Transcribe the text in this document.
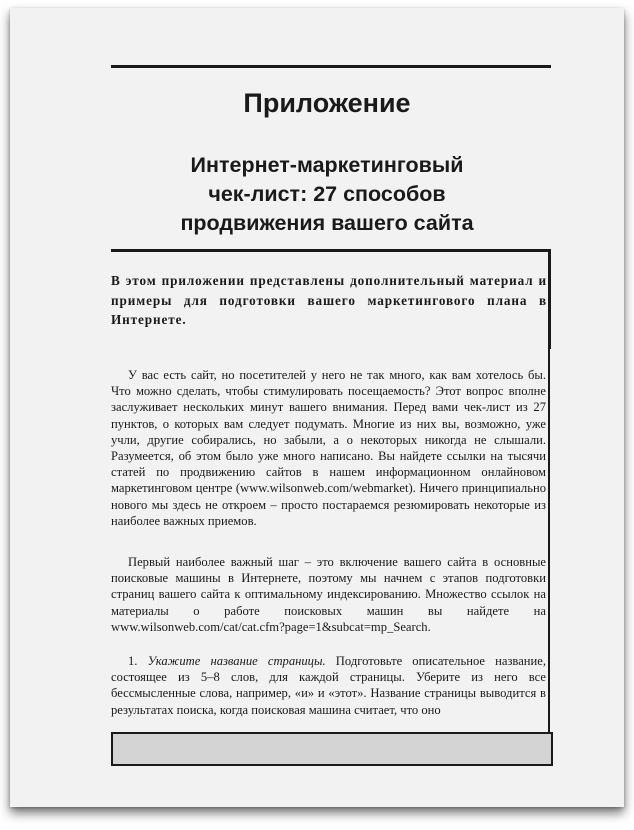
Приложение
Интернет-маркетинговый
чек-лист: 27 способов
продвижения вашего сайта

В этом приложении представлены дополнительный материал и примеры для подготовки вашего маркетингового плана в Интернете.

У вас есть сайт, но посетителей у него не так много, как вам хотелось бы. Что можно сделать, чтобы стимулировать посещаемость? Этот вопрос вполне заслуживает нескольких минут вашего внимания. Перед вами чек-лист из 27 пунктов, о которых вам следует подумать. Многие из них вы, возможно, уже учли, другие собирались, но забыли, а о некоторых никогда не слышали. Разумеется, об этом было уже много написано. Вы найдете ссылки на тысячи статей по продвижению сайтов в нашем информационном онлайновом маркетинговом центре (www.wilsonweb.com/webmarket). Ничего принципиально нового мы здесь не откроем – просто постараемся резюмировать некоторые из наиболее важных приемов.

Первый наиболее важный шаг – это включение вашего сайта в основные поисковые машины в Интернете, поэтому мы начнем с этапов подготовки страниц вашего сайта к оптимальному индексированию. Множество ссылок на материалы о работе поисковых машин вы найдете на www.wilsonweb.com/cat/cat.cfm?page=1&subcat=mp_Search.

1. Укажите название страницы. Подготовьте описательное название, состоящее из 5–8 слов, для каждой страницы. Уберите из него все бессмысленные слова, например, «и» и «этот». Название страницы выводится в результатах поиска, когда поисковая машина считает, что оно
